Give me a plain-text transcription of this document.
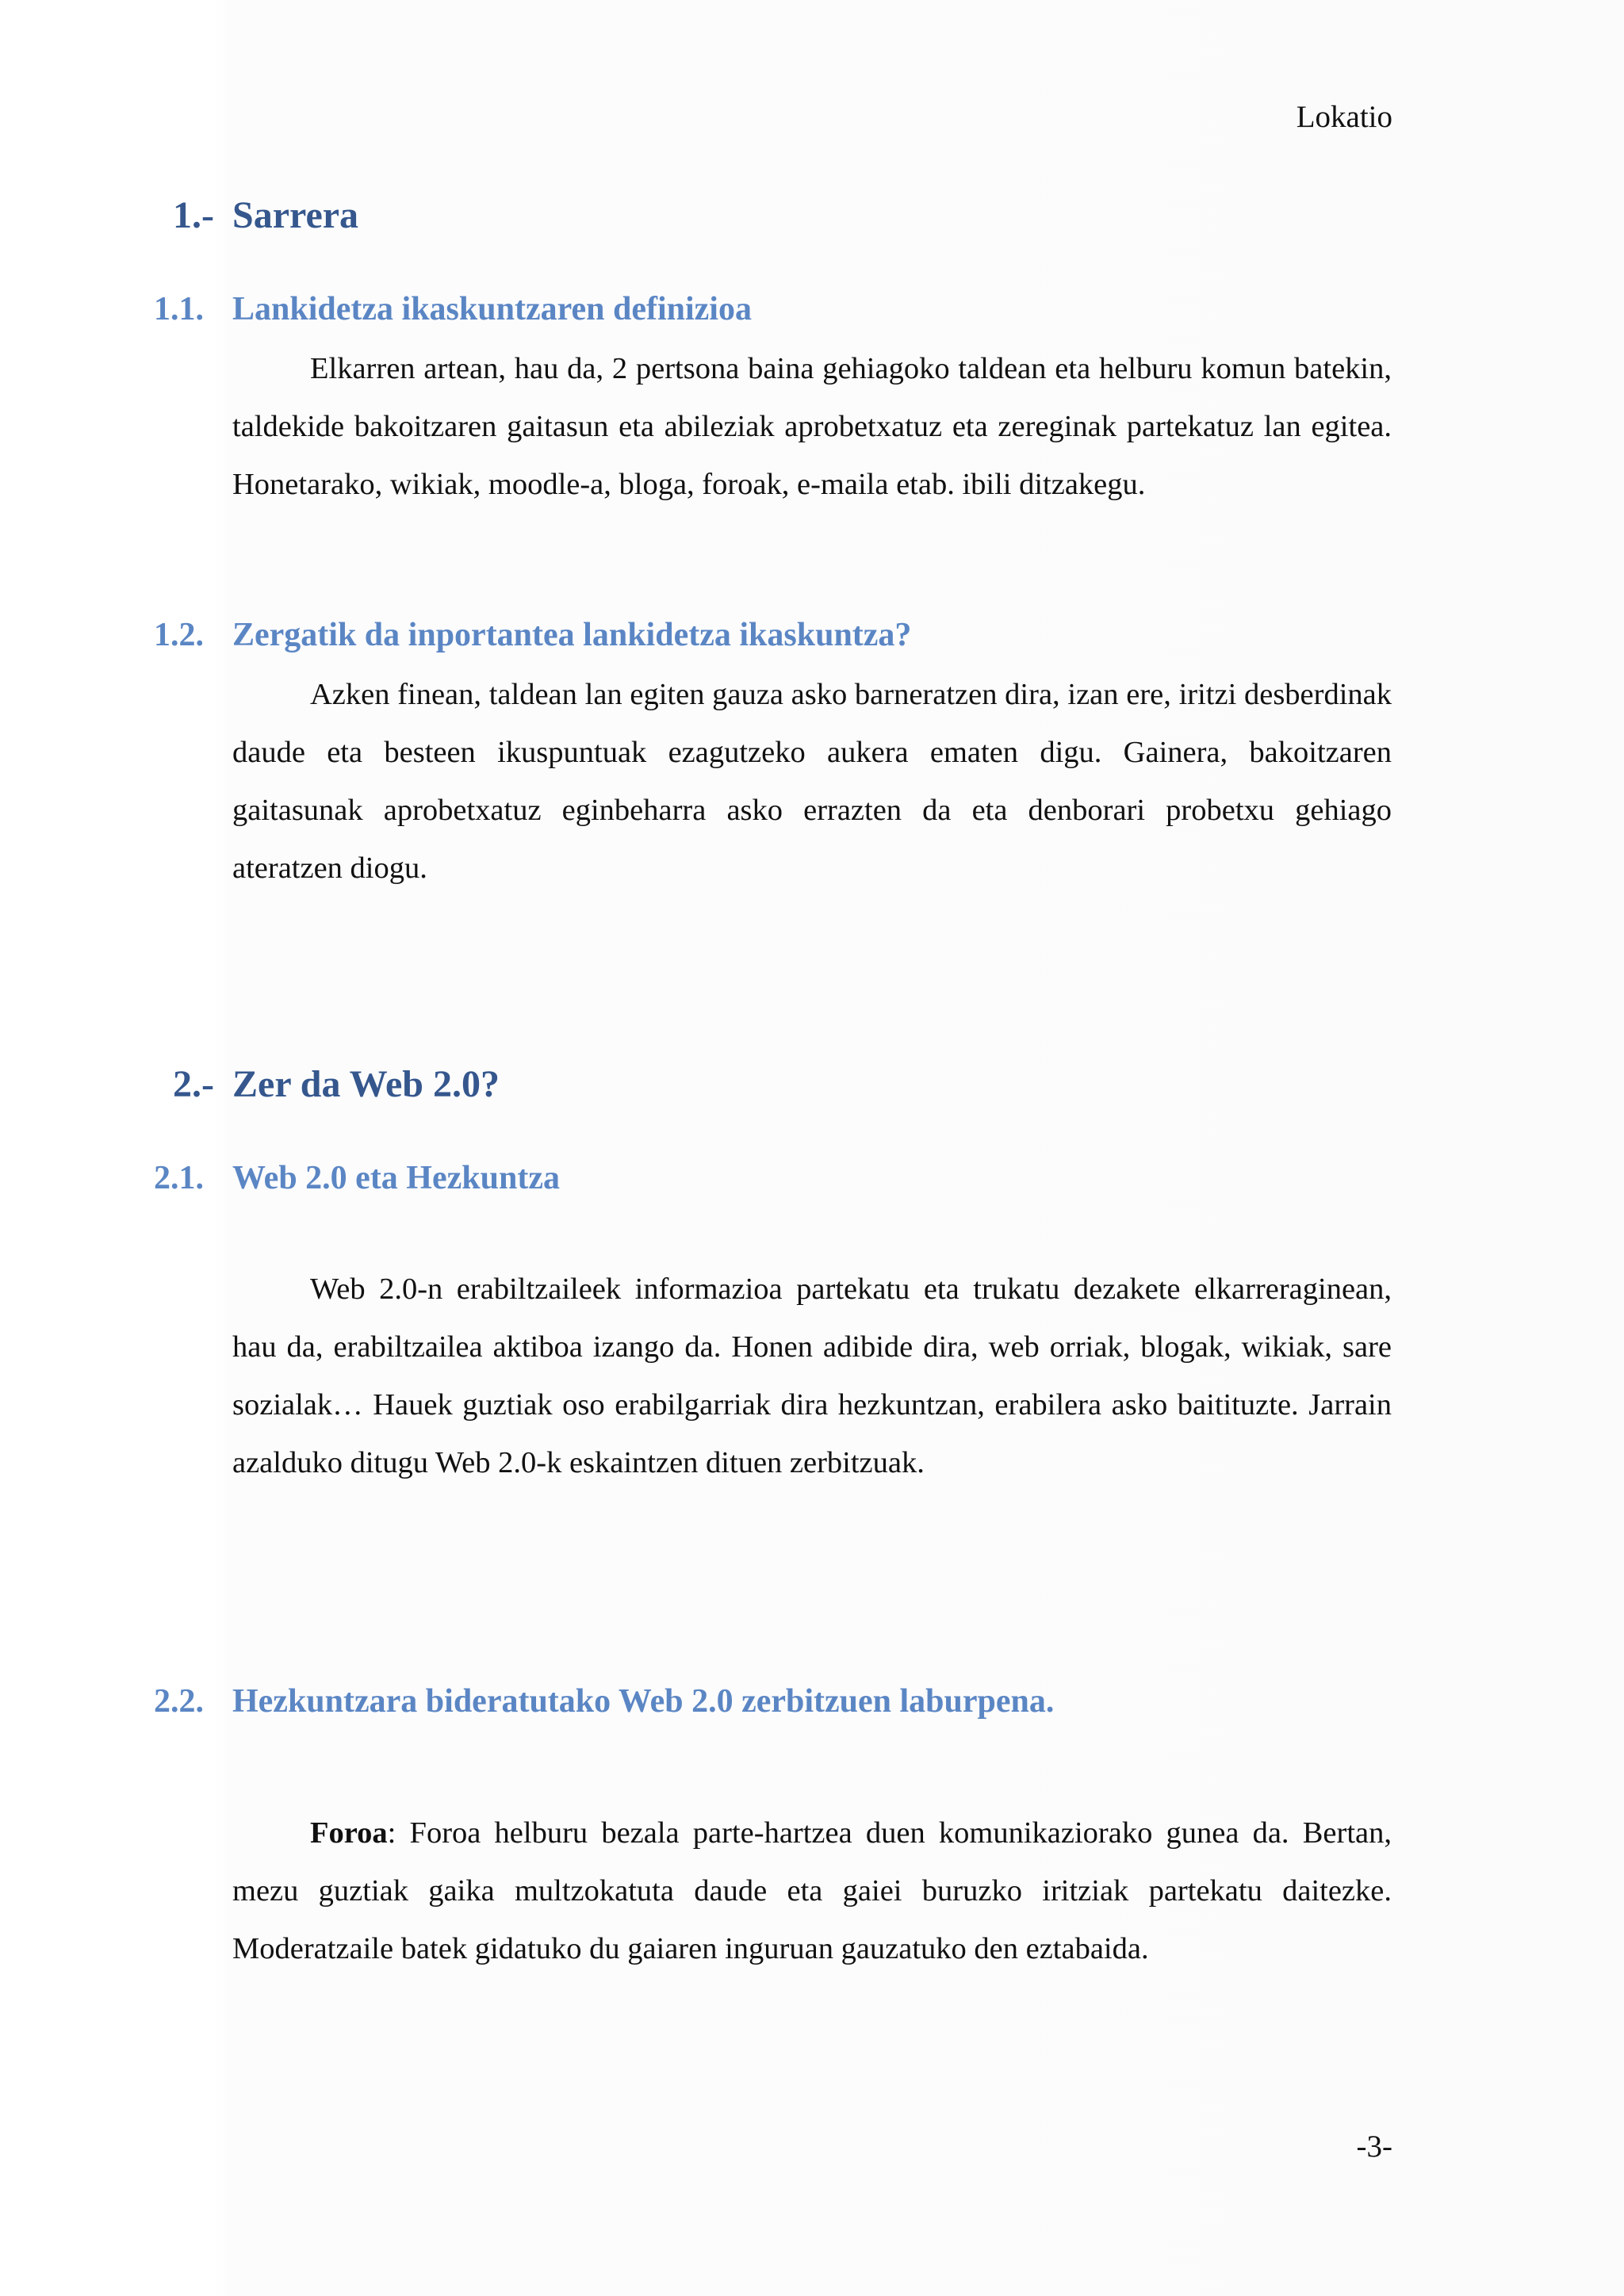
Lokatio
1.- Sarrera
1.1. Lankidetza ikaskuntzaren definizioa

Elkarren artean, hau da, 2 pertsona baina gehiagoko taldean eta helburu komun batekin, taldekide bakoitzaren gaitasun eta abileziak aprobetxatuz eta zereginak partekatuz lan egitea. Honetarako, wikiak, moodle-a, bloga, foroak, e-maila etab. ibili ditzakegu.

1.2. Zergatik da inportantea lankidetza ikaskuntza?

Azken finean, taldean lan egiten gauza asko barneratzen dira, izan ere, iritzi desberdinak daude eta besteen ikuspuntuak ezagutzeko aukera ematen digu. Gainera, bakoitzaren gaitasunak aprobetxatuz eginbeharra asko errazten da eta denborari probetxu gehiago ateratzen diogu.

2.- Zer da Web 2.0?
2.1. Web 2.0 eta Hezkuntza

Web 2.0-n erabiltzaileek informazioa partekatu eta trukatu dezakete elkarreraginean, hau da, erabiltzailea aktiboa izango da. Honen adibide dira, web orriak, blogak, wikiak, sare sozialak… Hauek guztiak oso erabilgarriak dira hezkuntzan, erabilera asko baitituzte. Jarrain azalduko ditugu Web 2.0-k eskaintzen dituen zerbitzuak.

2.2. Hezkuntzara bideratutako Web 2.0 zerbitzuen laburpena.

Foroa: Foroa helburu bezala parte-hartzea duen komunikaziorako gunea da. Bertan, mezu guztiak gaika multzokatuta daude eta gaiei buruzko iritziak partekatu daitezke. Moderatzaile batek gidatuko du gaiaren inguruan gauzatuko den eztabaida.

-3-
